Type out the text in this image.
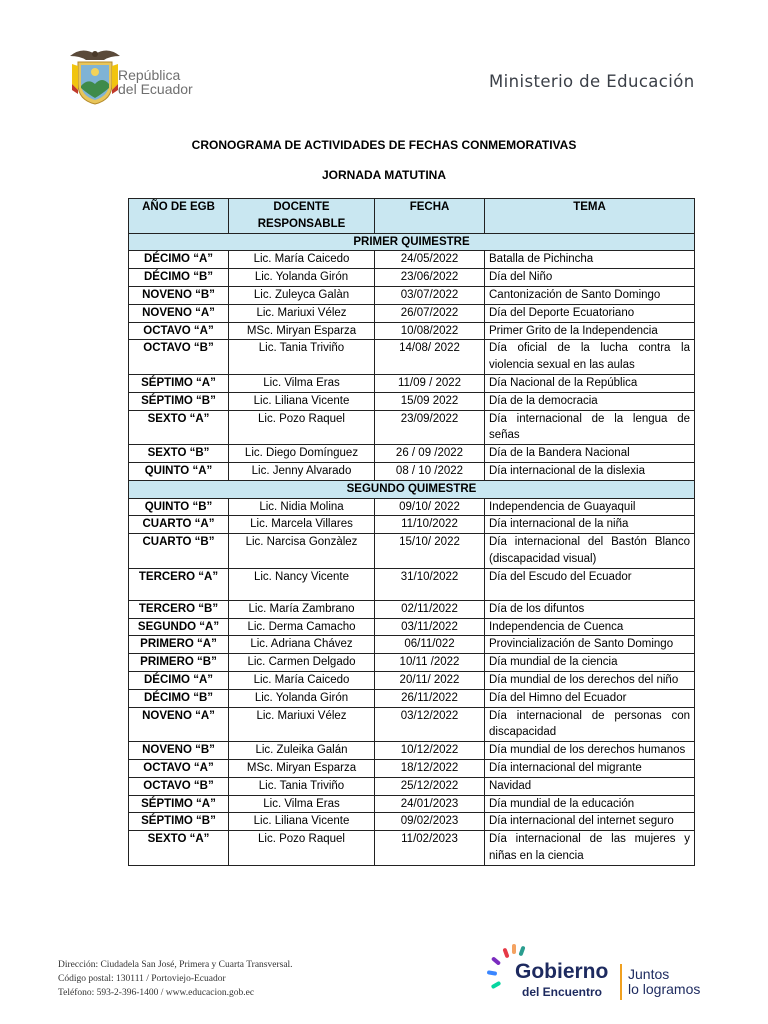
República
del Ecuador	Ministerio de Educación
CRONOGRAMA DE ACTIVIDADES DE FECHAS CONMEMORATIVAS
JORNADA MATUTINA
AÑO DE EGB	DOCENTE RESPONSABLE	FECHA	TEMA
PRIMER QUIMESTRE			
DÉCIMO “A”	Lic. María Caicedo	24/05/2022	Batalla de Pichincha
DÉCIMO “B”	Lic. Yolanda Girón	23/06/2022	Día del Niño
NOVENO “B”	Lic. Zuleyca Galàn	03/07/2022	Cantonización de Santo Domingo
NOVENO “A”	Lic. Mariuxi Vélez	26/07/2022	Día del Deporte Ecuatoriano
OCTAVO “A”	MSc. Miryan Esparza	10/08/2022	Primer Grito de la Independencia
OCTAVO “B”	Lic. Tania Triviño	14/08/ 2022	Día oficial de la lucha contra la violencia sexual en las aulas
SÉPTIMO “A”	Lic. Vilma Eras	11/09 / 2022	Día Nacional de la República
SÉPTIMO “B”	Lic. Liliana Vicente	15/09 2022	Día de la democracia
SEXTO “A”	Lic. Pozo Raquel	23/09/2022	Día internacional de la lengua de señas
SEXTO “B”	Lic. Diego Domínguez	26 / 09 /2022	Día de la Bandera Nacional
QUINTO “A”	Lic. Jenny Alvarado	08 / 10 /2022	Día internacional de la dislexia
SEGUNDO QUIMESTRE			
QUINTO “B”	Lic. Nidia Molina	09/10/ 2022	Independencia de Guayaquil
CUARTO “A”	Lic. Marcela Villares	11/10/2022	Día internacional de la niña
CUARTO “B”	Lic. Narcisa Gonzàlez	15/10/ 2022	Día internacional del Bastón Blanco (discapacidad visual)
TERCERO “A”	Lic. Nancy Vicente	31/10/2022	Día del Escudo del Ecuador
TERCERO “B”	Lic. María Zambrano	02/11/2022	Día de los difuntos
SEGUNDO “A”	Lic. Derma Camacho	03/11/2022	Independencia de Cuenca
PRIMERO “A”	Lic. Adriana Chávez	06/11/022	Provincialización de Santo Domingo
PRIMERO “B”	Lic. Carmen Delgado	10/11 /2022	Día mundial de la ciencia
DÉCIMO “A”	Lic. María Caicedo	20/11/ 2022	Día mundial de los derechos del niño
DÉCIMO “B”	Lic. Yolanda Girón	26/11/2022	Día del Himno del Ecuador
NOVENO “A”	Lic. Mariuxi Vélez	03/12/2022	Día internacional de personas con discapacidad
NOVENO “B”	Lic. Zuleika Galán	10/12/2022	Día mundial de los derechos humanos
OCTAVO “A”	MSc. Miryan Esparza	18/12/2022	Día internacional del migrante
OCTAVO “B”	Lic. Tania Triviño	25/12/2022	Navidad
SÉPTIMO “A”	Lic. Vilma Eras	24/01/2023	Día mundial de la educación
SÉPTIMO “B”	Lic. Liliana Vicente	09/02/2023	Día internacional del internet seguro
SEXTO “A”	Lic. Pozo Raquel	11/02/2023	Día internacional de las mujeres y niñas en la ciencia
Dirección: Ciudadela San José, Primera y Cuarta Transversal.
Código postal: 130111 / Portoviejo-Ecuador
Teléfono: 593-2-396-1400 / www.educacion.gob.ec
Gobierno
del Encuentro
Juntos
lo logramos
